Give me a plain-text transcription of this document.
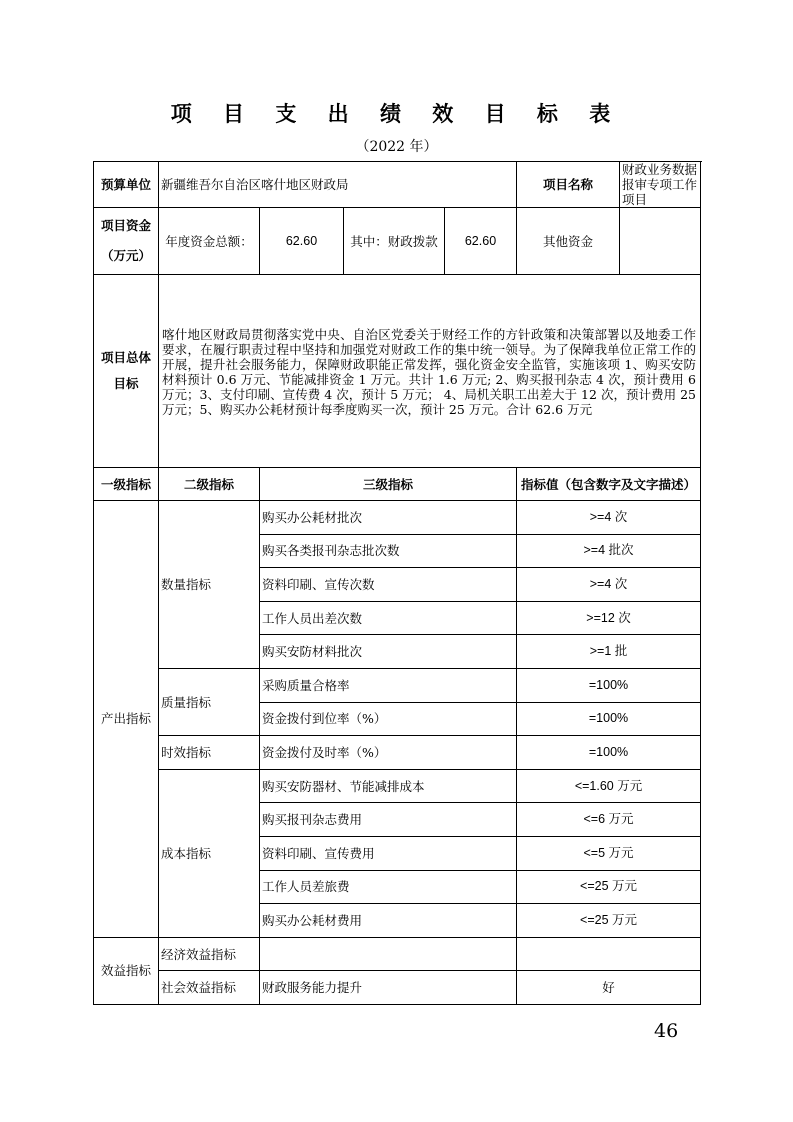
项 目 支 出 绩 效 目 标 表
（2022 年）
预算单位	新疆维吾尔自治区喀什地区财政局				项目名称	财政业务数据报审专项工作项目
项目资金（万元）	年度资金总额：	62.60	其中：财政拨款	62.60	其他资金	
项目总体目标	喀什地区财政局贯彻落实党中央、自治区党委关于财经工作的方针政策和决策部署以及地委工作要求，在履行职责过程中坚持和加强党对财政工作的集中统一领导。为了保障我单位正常工作的开展，提升社会服务能力，保障财政职能正常发挥，强化资金安全监管，实施该项 1、购买安防材料预计 0.6 万元、节能减排资金 1 万元。共计 1.6 万元; 2、购买报刊杂志 4 次，预计费用 6 万元；3、支付印刷、宣传费 4 次，预计 5 万元； 4、局机关职工出差大于 12 次，预计费用 25 万元；5、购买办公耗材预计每季度购买一次，预计 25 万元。合计 62.6 万元					
一级指标	二级指标	三级指标			指标值（包含数字及文字描述）	
产出指标	数量指标	购买办公耗材批次			>=4 次	
		购买各类报刊杂志批次数			>=4 批次	
		资料印刷、宣传次数			>=4 次	
		工作人员出差次数			>=12 次	
		购买安防材料批次			>=1 批	
	质量指标	采购质量合格率			=100%	
		资金拨付到位率（%）			=100%	
	时效指标	资金拨付及时率（%）			=100%	
	成本指标	购买安防器材、节能减排成本			<=1.60 万元	
		购买报刊杂志费用			<=6 万元	
		资料印刷、宣传费用			<=5 万元	
		工作人员差旅费			<=25 万元	
		购买办公耗材费用			<=25 万元	
效益指标	经济效益指标					
	社会效益指标	财政服务能力提升			好	
46
